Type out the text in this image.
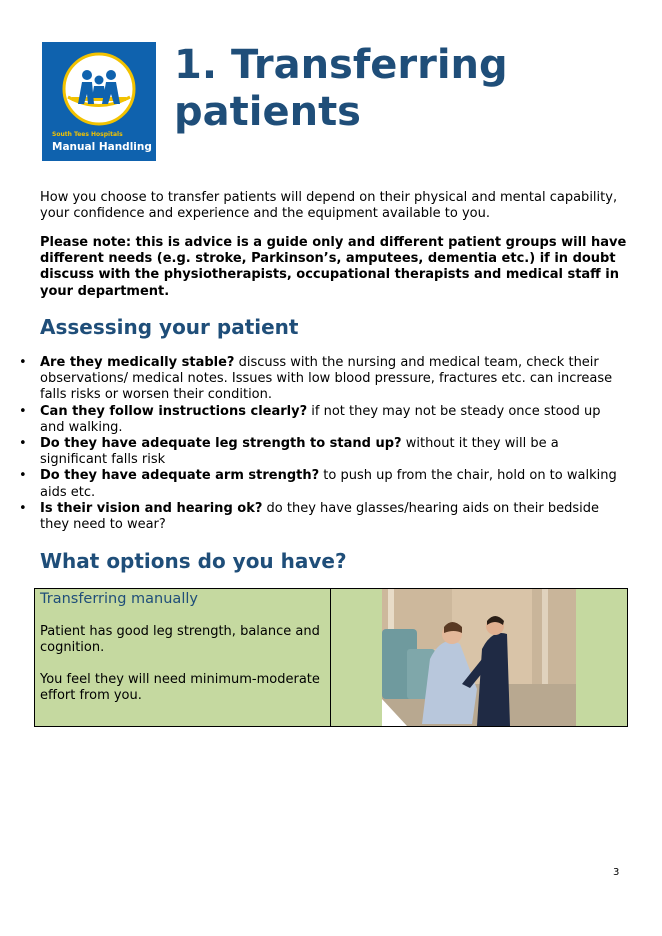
South Tees Hospitals
Manual Handling
1. Transferring
patients

How you choose to transfer patients will depend on their physical and mental capability, your confidence and experience and the equipment available to you.

Please note: this is advice is a guide only and different patient groups will have different needs (e.g. stroke, Parkinson’s, amputees, dementia etc.) if in doubt discuss with the physiotherapists, occupational therapists and medical staff in your department.

Assessing your patient
• Are they medically stable? discuss with the nursing and medical team, check their observations/ medical notes. Issues with low blood pressure, fractures etc. can increase falls risks or worsen their condition.
• Can they follow instructions clearly? if not they may not be steady once stood up and walking.
• Do they have adequate leg strength to stand up? without it they will be a significant falls risk
• Do they have adequate arm strength? to push up from the chair, hold on to walking aids etc.
• Is their vision and hearing ok? do they have glasses/hearing aids on their bedside they need to wear?
What options do you have?

Transferring manually

Patient has good leg strength, balance and cognition.

You feel they will need minimum-moderate effort from you.

3
